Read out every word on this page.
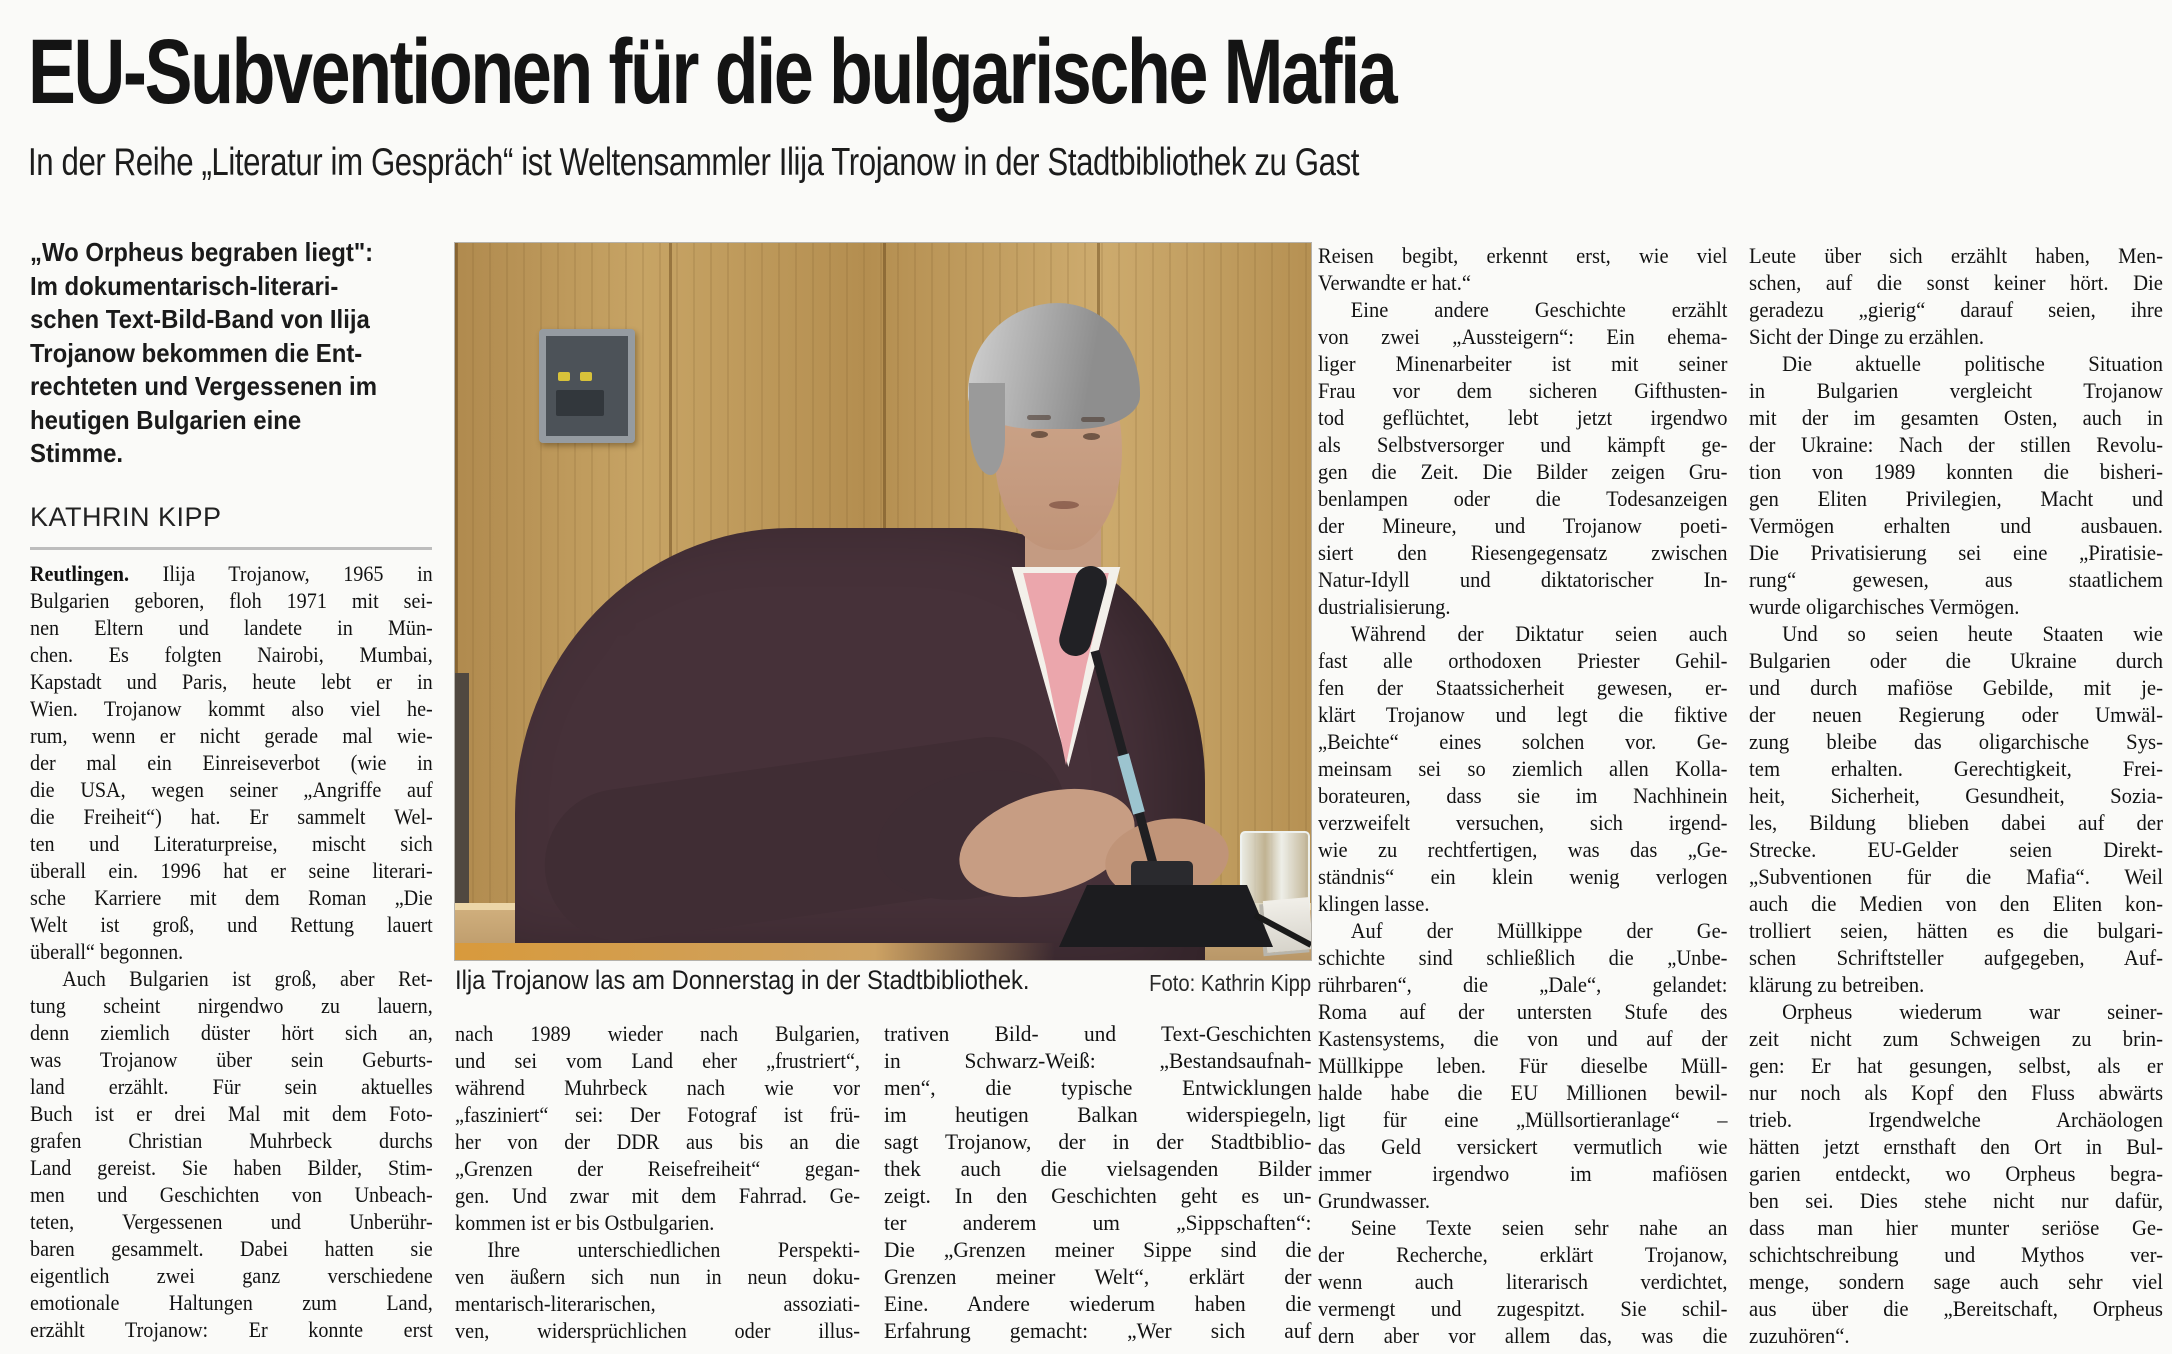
EU-Subventionen für die bulgarische Mafia
In der Reihe „Literatur im Gespräch“ ist Weltensammler Ilija Trojanow in der Stadtbibliothek zu Gast
„Wo Orpheus begraben liegt":
Im dokumentarisch-literari-
schen Text-Bild-Band von Ilija
Trojanow bekommen die Ent-
rechteten und Vergessenen im
heutigen Bulgarien eine
Stimme.
KATHRIN KIPP
Reutlingen. Ilija Trojanow, 1965 in
Bulgarien geboren, floh 1971 mit sei-
nen Eltern und landete in Mün-
chen. Es folgten Nairobi, Mumbai,
Kapstadt und Paris, heute lebt er in
Wien. Trojanow kommt also viel he-
rum, wenn er nicht gerade mal wie-
der mal ein Einreiseverbot (wie in
die USA, wegen seiner „Angriffe auf
die Freiheit“) hat. Er sammelt Wel-
ten und Literaturpreise, mischt sich
überall ein. 1996 hat er seine literari-
sche Karriere mit dem Roman „Die
Welt ist groß, und Rettung lauert
überall“ begonnen.
Auch Bulgarien ist groß, aber Ret-
tung scheint nirgendwo zu lauern,
denn ziemlich düster hört sich an,
was Trojanow über sein Geburts-
land erzählt. Für sein aktuelles
Buch ist er drei Mal mit dem Foto-
grafen Christian Muhrbeck durchs
Land gereist. Sie haben Bilder, Stim-
men und Geschichten von Unbeach-
teten, Vergessenen und Unberühr-
baren gesammelt. Dabei hatten sie
eigentlich zwei ganz verschiedene
emotionale Haltungen zum Land,
erzählt Trojanow: Er konnte erst
Ilja Trojanow las am Donnerstag in der Stadtbibliothek.	Foto: Kathrin Kipp
nach 1989 wieder nach Bulgarien,
und sei vom Land eher „frustriert“,
während Muhrbeck nach wie vor
„fasziniert“ sei: Der Fotograf ist frü-
her von der DDR aus bis an die
„Grenzen der Reisefreiheit“ gegan-
gen. Und zwar mit dem Fahrrad. Ge-
kommen ist er bis Ostbulgarien.
Ihre unterschiedlichen Perspekti-
ven äußern sich nun in neun doku-
mentarisch-literarischen, assoziati-
ven, widersprüchlichen oder illus-
trativen Bild- und Text-Geschichten
in Schwarz-Weiß: „Bestandsaufnah-
men“, die typische Entwicklungen
im heutigen Balkan widerspiegeln,
sagt Trojanow, der in der Stadtbiblio-
thek auch die vielsagenden Bilder
zeigt. In den Geschichten geht es un-
ter anderem um „Sippschaften“:
Die „Grenzen meiner Sippe sind die
Grenzen meiner Welt“, erklärt der
Eine. Andere wiederum haben die
Erfahrung gemacht: „Wer sich auf
Reisen begibt, erkennt erst, wie viel
Verwandte er hat.“
Eine andere Geschichte erzählt
von zwei „Aussteigern“: Ein ehema-
liger Minenarbeiter ist mit seiner
Frau vor dem sicheren Gifthusten-
tod geflüchtet, lebt jetzt irgendwo
als Selbstversorger und kämpft ge-
gen die Zeit. Die Bilder zeigen Gru-
benlampen oder die Todesanzeigen
der Mineure, und Trojanow poeti-
siert den Riesengegensatz zwischen
Natur-Idyll und diktatorischer In-
dustrialisierung.
Während der Diktatur seien auch
fast alle orthodoxen Priester Gehil-
fen der Staatssicherheit gewesen, er-
klärt Trojanow und legt die fiktive
„Beichte“ eines solchen vor. Ge-
meinsam sei so ziemlich allen Kolla-
borateuren, dass sie im Nachhinein
verzweifelt versuchen, sich irgend-
wie zu rechtfertigen, was das „Ge-
ständnis“ ein klein wenig verlogen
klingen lasse.
Auf der Müllkippe der Ge-
schichte sind schließlich die „Unbe-
rührbaren“, die „Dale“, gelandet:
Roma auf der untersten Stufe des
Kastensystems, die von und auf der
Müllkippe leben. Für dieselbe Müll-
halde habe die EU Millionen bewil-
ligt für eine „Müllsortieranlage“ –
das Geld versickert vermutlich wie
immer irgendwo im mafiösen
Grundwasser.
Seine Texte seien sehr nahe an
der Recherche, erklärt Trojanow,
wenn auch literarisch verdichtet,
vermengt und zugespitzt. Sie schil-
dern aber vor allem das, was die
Leute über sich erzählt haben, Men-
schen, auf die sonst keiner hört. Die
geradezu „gierig“ darauf seien, ihre
Sicht der Dinge zu erzählen.
Die aktuelle politische Situation
in Bulgarien vergleicht Trojanow
mit der im gesamten Osten, auch in
der Ukraine: Nach der stillen Revolu-
tion von 1989 konnten die bisheri-
gen Eliten Privilegien, Macht und
Vermögen erhalten und ausbauen.
Die Privatisierung sei eine „Piratisie-
rung“ gewesen, aus staatlichem
wurde oligarchisches Vermögen.
Und so seien heute Staaten wie
Bulgarien oder die Ukraine durch
und durch mafiöse Gebilde, mit je-
der neuen Regierung oder Umwäl-
zung bleibe das oligarchische Sys-
tem erhalten. Gerechtigkeit, Frei-
heit, Sicherheit, Gesundheit, Sozia-
les, Bildung blieben dabei auf der
Strecke. EU-Gelder seien Direkt-
„Subventionen für die Mafia“. Weil
auch die Medien von den Eliten kon-
trolliert seien, hätten es die bulgari-
schen Schriftsteller aufgegeben, Auf-
klärung zu betreiben.
Orpheus wiederum war seiner-
zeit nicht zum Schweigen zu brin-
gen: Er hat gesungen, selbst, als er
nur noch als Kopf den Fluss abwärts
trieb. Irgendwelche Archäologen
hätten jetzt ernsthaft den Ort in Bul-
garien entdeckt, wo Orpheus begra-
ben sei. Dies stehe nicht nur dafür,
dass man hier munter seriöse Ge-
schichtschreibung und Mythos ver-
menge, sondern sage auch sehr viel
aus über die „Bereitschaft, Orpheus
zuzuhören“.
